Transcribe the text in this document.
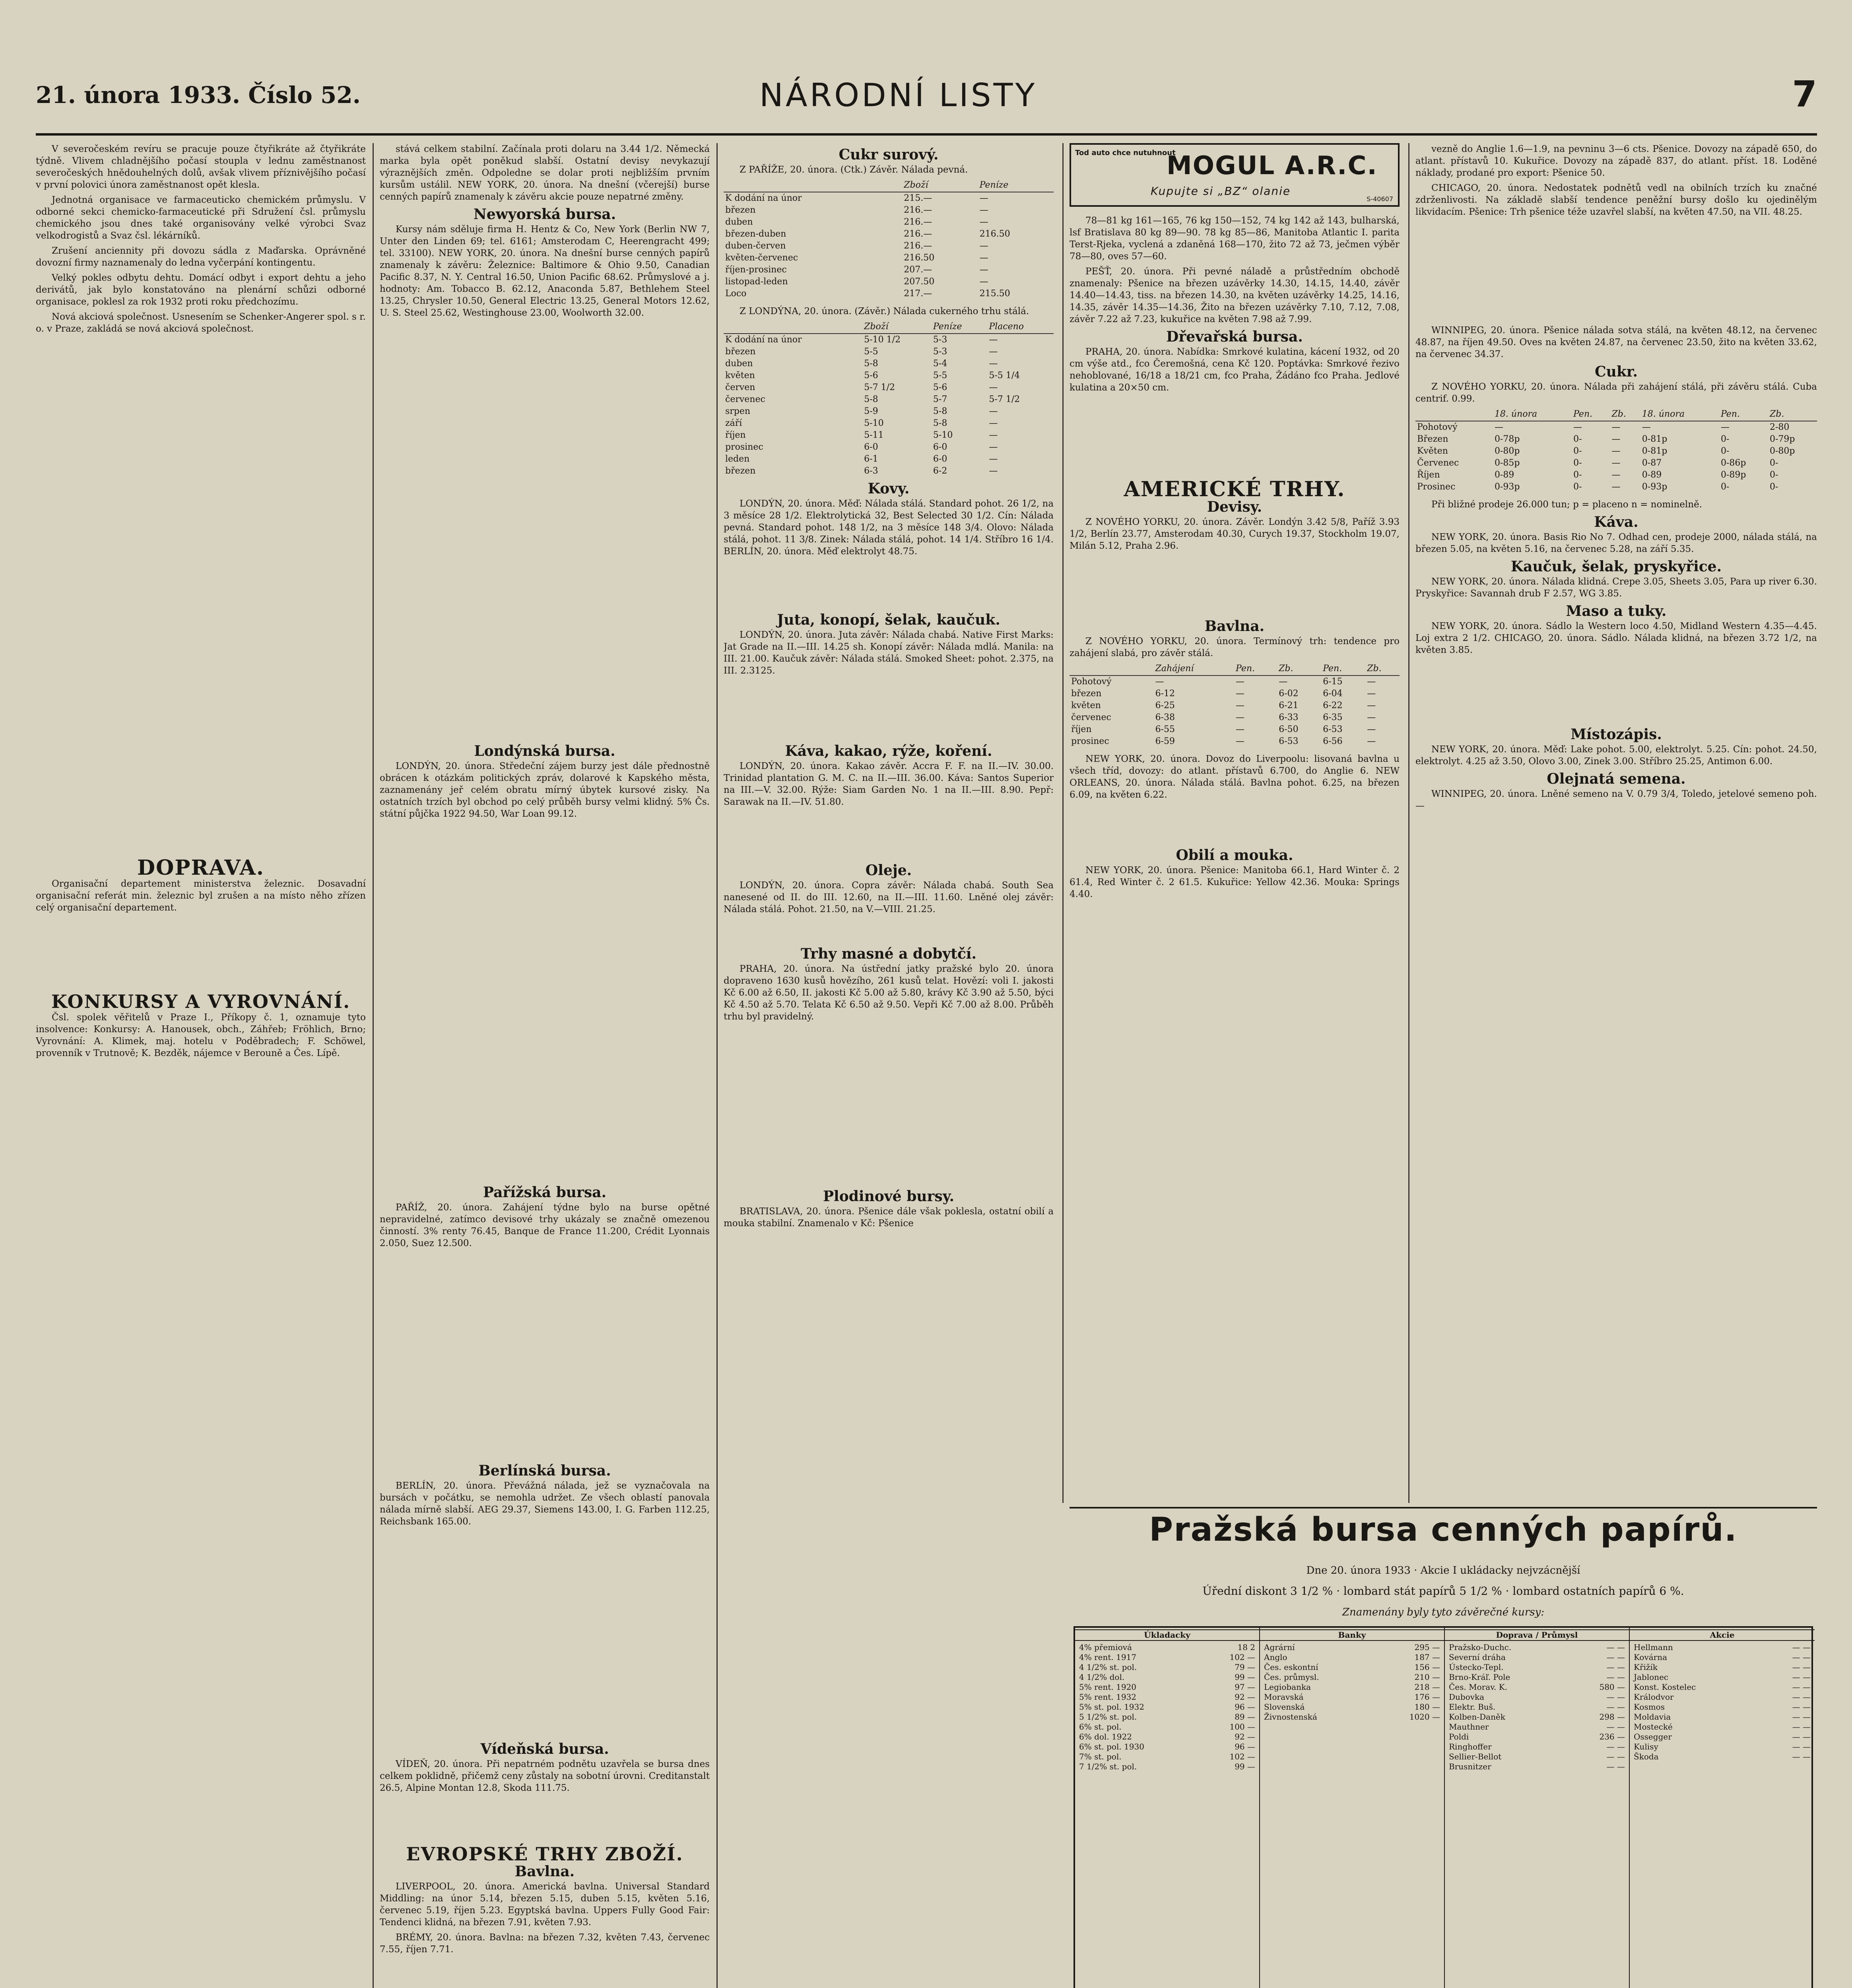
21. února 1933. Číslo 52.	NÁRODNÍ LISTY	7

V severočeském revíru se pracuje pouze čtyřikráte až čtyřikráte týdně. Vlivem chladnějšího počasí stoupla v lednu zaměstnanost severočeských hnědouhelných dolů, avšak vlivem příznivějšího počasí v první polovici února zaměstnanost opět klesla.

Jednotná organisace ve farmaceuticko chemickém průmyslu. V odborné sekci chemicko-farmaceutické při Sdružení čsl. průmyslu chemického jsou dnes také organisovány velké výrobci Svaz velkodrogistů a Svaz čsl. lékárníků.

Zrušení anciennity při dovozu sádla z Maďarska. Oprávněné dovozní firmy naznamenaly do ledna vyčerpání kontingentu.

Velký pokles odbytu dehtu. Domácí odbyt i export dehtu a jeho derivátů, jak bylo konstatováno na plenární schůzi odborné organisace, poklesl za rok 1932 proti roku předchozímu.

Nová akciová společnost. Usnesením se Schenker-Angerer spol. s r. o. v Praze, zakládá se nová akciová společnost.

DOPRAVA.

Organisační departement ministerstva železnic. Dosavadní organisační referát min. železnic byl zrušen a na místo něho zřízen celý organisační departement.

KONKURSY A VYROVNÁNÍ.

Čsl. spolek věřitelů v Praze I., Příkopy č. 1, oznamuje tyto insolvence: Konkursy: A. Hanousek, obch., Záhřeb; Fröhlich, Brno; Vyrovnání: A. Klimek, maj. hotelu v Poděbradech; F. Schöwel, provenník v Trutnově; K. Bezděk, nájemce v Berouně a Čes. Lípě.

stává celkem stabilní. Začínala proti dolaru na 3.44 1/2. Německá marka byla opět poněkud slabší. Ostatní devisy nevykazují výraznějších změn. Odpoledne se dolar proti nejbližším prvním kursům ustálil. NEW YORK, 20. února. Na dnešní (včerejší) burse cenných papírů znamenaly k závěru akcie pouze nepatrné změny.

Newyorská bursa.

Kursy nám sděluje firma H. Hentz & Co, New York (Berlin NW 7, Unter den Linden 69; tel. 6161; Amsterodam C, Heerengracht 499; tel. 33100). NEW YORK, 20. února. Na dnešní burse cenných papírů znamenaly k závěru: Železnice: Baltimore & Ohio 9.50, Canadian Pacific 8.37, N. Y. Central 16.50, Union Pacific 68.62. Průmyslové a j. hodnoty: Am. Tobacco B. 62.12, Anaconda 5.87, Bethlehem Steel 13.25, Chrysler 10.50, General Electric 13.25, General Motors 12.62, U. S. Steel 25.62, Westinghouse 23.00, Woolworth 32.00.

Londýnská bursa.

LONDÝN, 20. února. Středeční zájem burzy jest dále přednostně obrácen k otázkám politických zpráv, dolarové k Kapského města, zaznamenány jeř celém obratu mírný úbytek kursové zisky. Na ostatních trzích byl obchod po celý průběh bursy velmi klidný. 5% Čs. státní půjčka 1922 94.50, War Loan 99.12.

Pařížská bursa.

PAŘÍŽ, 20. února. Zahájení týdne bylo na burse opětné nepravidelné, zatímco devisové trhy ukázaly se značně omezenou činností. 3% renty 76.45, Banque de France 11.200, Crédit Lyonnais 2.050, Suez 12.500.

Berlínská bursa.

BERLÍN, 20. února. Převážná nálada, jež se vyznačovala na bursách v počátku, se nemohla udržet. Ze všech oblastí panovala nálada mírně slabší. AEG 29.37, Siemens 143.00, I. G. Farben 112.25, Reichsbank 165.00.

Vídeňská bursa.

VÍDEŇ, 20. února. Při nepatrném podnětu uzavřela se bursa dnes celkem poklidně, přičemž ceny zůstaly na sobotní úrovni. Creditanstalt 26.5, Alpine Montan 12.8, Skoda 111.75.

EVROPSKÉ TRHY ZBOŽÍ.
Bavlna.

LIVERPOOL, 20. února. Americká bavlna. Universal Standard Middling: na únor 5.14, březen 5.15, duben 5.15, květen 5.16, červenec 5.19, říjen 5.23. Egyptská bavlna. Uppers Fully Good Fair: Tendenci klidná, na březen 7.91, květen 7.93.

BRÉMY, 20. února. Bavlna: na březen 7.32, květen 7.43, červenec 7.55, říjen 7.71.

Cukr surový.

Z PAŘÍŽE, 20. února. (Ctk.) Závěr. Nálada pevná.

	Zboží	Peníze
K dodání na únor	215.—	—
březen	216.—	—
duben	216.—	—
březen-duben	216.—	216.50
duben-červen	216.—	—
květen-červenec	216.50	—
říjen-prosinec	207.—	—
listopad-leden	207.50	—
Loco	217.—	215.50

Z LONDÝNA, 20. února. (Závěr.) Nálada cukerného trhu stálá.

	Zboží	Peníze	Placeno
K dodání na únor	5-10 1/2	5-3	—
březen	5-5	5-3	—
duben	5-8	5-4	—
květen	5-6	5-5	5-5 1/4
červen	5-7 1/2	5-6	—
červenec	5-8	5-7	5-7 1/2
srpen	5-9	5-8	—
září	5-10	5-8	—
říjen	5-11	5-10	—
prosinec	6-0	6-0	—
leden	6-1	6-0	—
březen	6-3	6-2	—
Kovy.

LONDÝN, 20. února. Měď: Nálada stálá. Standard pohot. 26 1/2, na 3 měsíce 28 1/2. Elektrolytická 32, Best Selected 30 1/2. Cín: Nálada pevná. Standard pohot. 148 1/2, na 3 měsíce 148 3/4. Olovo: Nálada stálá, pohot. 11 3/8. Zinek: Nálada stálá, pohot. 14 1/4. Stříbro 16 1/4. BERLÍN, 20. února. Měď elektrolyt 48.75.

Juta, konopí, šelak, kaučuk.

LONDÝN, 20. února. Juta závěr: Nálada chabá. Native First Marks: Jat Grade na II.—III. 14.25 sh. Konopí závěr: Nálada mdlá. Manila: na III. 21.00. Kaučuk závěr: Nálada stálá. Smoked Sheet: pohot. 2.375, na III. 2.3125.

Káva, kakao, rýže, koření.

LONDÝN, 20. února. Kakao závěr. Accra F. F. na II.—IV. 30.00. Trinidad plantation G. M. C. na II.—III. 36.00. Káva: Santos Superior na III.—V. 32.00. Rýže: Siam Garden No. 1 na II.—III. 8.90. Pepř: Sarawak na II.—IV. 51.80.

Oleje.

LONDÝN, 20. února. Copra závěr: Nálada chabá. South Sea nanesené od II. do III. 12.60, na II.—III. 11.60. Lněné olej závěr: Nálada stálá. Pohot. 21.50, na V.—VIII. 21.25.

Trhy masné a dobytčí.

PRAHA, 20. února. Na ústřední jatky pražské bylo 20. února dopraveno 1630 kusů hovězího, 261 kusů telat. Hovězí: voli I. jakosti Kč 6.00 až 6.50, II. jakosti Kč 5.00 až 5.80, krávy Kč 3.90 až 5.50, býci Kč 4.50 až 5.70. Telata Kč 6.50 až 9.50. Vepři Kč 7.00 až 8.00. Průběh trhu byl pravidelný.

Plodinové bursy.

BRATISLAVA, 20. února. Pšenice dále však poklesla, ostatní obilí a mouka stabilní. Znamenalo v Kč: Pšenice

Tod auto chce nutuhnout
MOGUL A.R.C.
Kupujte si „BZ“ olanie
S-40607

78—81 kg 161—165, 76 kg 150—152, 74 kg 142 až 143, bulharská, lsf Bratislava 80 kg 89—90. 78 kg 85—86, Manitoba Atlantic I. parita Terst-Rjeka, vyclená a zdaněná 168—170, žito 72 až 73, ječmen výběr 78—80, oves 57—60.

PEŠŤ, 20. února. Při pevné náladě a průstředním obchodě znamenaly: Pšenice na březen uzávěrky 14.30, 14.15, 14.40, závěr 14.40—14.43, tiss. na březen 14.30, na květen uzávěrky 14.25, 14.16, 14.35, závěr 14.35—14.36, Žito na březen uzávěrky 7.10, 7.12, 7.08, závěr 7.22 až 7.23, kukuřice na květen 7.98 až 7.99.

Dřevařská bursa.

PRAHA, 20. února. Nabídka: Smrkové kulatina, kácení 1932, od 20 cm výše atd., fco Čeremošná, cena Kč 120. Poptávka: Smrkové řezivo nehoblované, 16/18 a 18/21 cm, fco Praha, Žádáno fco Praha. Jedlové kulatina a 20×50 cm.

AMERICKÉ TRHY.
Devisy.

Z NOVÉHO YORKU, 20. února. Závěr. Londýn 3.42 5/8, Paříž 3.93 1/2, Berlín 23.77, Amsterodam 40.30, Curych 19.37, Stockholm 19.07, Milán 5.12, Praha 2.96.

Bavlna.

Z NOVÉHO YORKU, 20. února. Termínový trh: tendence pro zahájení slabá, pro závěr stálá.

	Zahájení	Pen.	Zb.	Pen.	Zb.
Pohotový	—	—	—	6-15	—
březen	6-12	—	6-02	6-04	—
květen	6-25	—	6-21	6-22	—
červenec	6-38	—	6-33	6-35	—
říjen	6-55	—	6-50	6-53	—
prosinec	6-59	—	6-53	6-56	—

NEW YORK, 20. února. Dovoz do Liverpoolu: lisovaná bavlna u všech tříd, dovozy: do atlant. přístavů 6.700, do Anglie 6. NEW ORLEANS, 20. února. Nálada stálá. Bavlna pohot. 6.25, na březen 6.09, na květen 6.22.

Obilí a mouka.

NEW YORK, 20. února. Pšenice: Manitoba 66.1, Hard Winter č. 2 61.4, Red Winter č. 2 61.5. Kukuřice: Yellow 42.36. Mouka: Springs 4.40.

vezně do Anglie 1.6—1.9, na pevninu 3—6 cts. Pšenice. Dovozy na západě 650, do atlant. přístavů 10. Kukuřice. Dovozy na západě 837, do atlant. příst. 18. Loděné náklady, prodané pro export: Pšenice 50.

CHICAGO, 20. února. Nedostatek podnětů vedl na obilních trzích ku značné zdrženlivosti. Na základě slabší tendence peněžní bursy došlo ku ojedinělým likvidacím. Pšenice: Trh pšenice téže uzavřel slabší, na květen 47.50, na VII. 48.25.

WINNIPEG, 20. února. Pšenice nálada sotva stálá, na květen 48.12, na červenec 48.87, na říjen 49.50. Oves na květen 24.87, na červenec 23.50, žito na květen 33.62, na červenec 34.37.

Cukr.

Z NOVÉHO YORKU, 20. února. Nálada při zahájení stálá, při závěru stálá. Cuba centrif. 0.99.

	18. února	Pen.	Zb.	18. února	Pen.	Zb.
Pohotový	—	—	—	—	—	2-80
Březen	0-78p	0-	—	0-81p	0-	0-79p
Květen	0-80p	0-	—	0-81p	0-	0-80p
Červenec	0-85p	0-	—	0-87	0-86p	0-
Říjen	0-89	0-	—	0-89	0-89p	0-
Prosinec	0-93p	0-	—	0-93p	0-	0-

Při bližné prodeje 26.000 tun; p = placeno n = nominelně.

Káva.

NEW YORK, 20. února. Basis Rio No 7. Odhad cen, prodeje 2000, nálada stálá, na březen 5.05, na květen 5.16, na červenec 5.28, na září 5.35.

Kaučuk, šelak, pryskyřice.

NEW YORK, 20. února. Nálada klidná. Crepe 3.05, Sheets 3.05, Para up river 6.30. Pryskyřice: Savannah drub F 2.57, WG 3.85.

Maso a tuky.

NEW YORK, 20. února. Sádlo la Western loco 4.50, Midland Western 4.35—4.45. Loj extra 2 1/2. CHICAGO, 20. února. Sádlo. Nálada klidná, na březen 3.72 1/2, na květen 3.85.

Místozápis.

NEW YORK, 20. února. Měď: Lake pohot. 5.00, elektrolyt. 5.25. Cín: pohot. 24.50, elektrolyt. 4.25 až 3.50, Olovo 3.00, Zinek 3.00. Stříbro 25.25, Antimon 6.00.

Olejnatá semena.

WINNIPEG, 20. února. Lněné semeno na V. 0.79 3/4, Toledo, jetelové semeno poh. —

Pražská bursa cenných papírů.
Dne 20. února 1933 · Akcie I ukládacky nejvzácnější
Úřední diskont 3 1/2 % · lombard stát papírů 5 1/2 % · lombard ostatních papírů 6 %.
Znamenány byly tyto závěrečné kursy:
Úkladacky
4% přemiová	18 2
4% rent. 1917	102 —
4 1/2% st. pol.	79 —
4 1/2% dol.	99 —
5% rent. 1920	97 —
5% rent. 1932	92 —
5% st. pol. 1932	96 —
5 1/2% st. pol.	89 —
6% st. pol.	100 —
6% dol. 1922	92 —
6% st. pol. 1930	96 —
7% st. pol.	102 —
7 1/2% st. pol.	99 —
Banky
Agrární	295 —
Anglo	187 —
Čes. eskontní	156 —
Čes. průmysl.	210 —
Legiobanka	218 —
Moravská	176 —
Slovenská	180 —
Živnostenská	1020 —
Doprava / Průmysl
Pražsko-Duchc.	— —
Severní dráha	— —
Ústecko-Tepl.	— —
Brno-Kráľ. Pole	— —
Čes. Morav. K.	580 —
Dubovka	— —
Elektr. Buš.	— —
Kolben-Daněk	298 —
Mauthner	— —
Poldi	236 —
Ringhoffer	— —
Sellier-Bellot	— —
Brusnitzer	— —
Akcie
Hellmann	— —
Kovárna	— —
Křižík	— —
Jablonec	— —
Konst. Kostelec	— —
Králodvor	— —
Kosmos	— —
Moldavia	— —
Mostecké	— —
Ossegger	— —
Kulisy	— —
Škoda	— —
